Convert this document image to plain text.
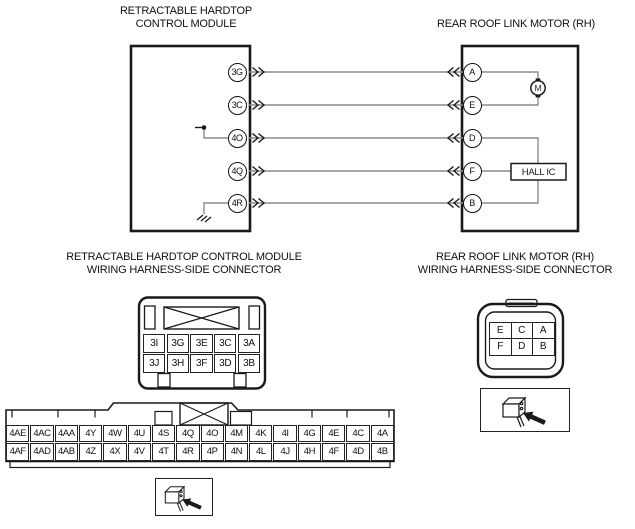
M
HALL IC
RETRACTABLE HARDTOP
CONTROL MODULE	REAR ROOF LINK MOTOR (RH)
RETRACTABLE HARDTOP CONTROL MODULE
WIRING HARNESS-SIDE CONNECTOR
REAR ROOF LINK MOTOR (RH)
WIRING HARNESS-SIDE CONNECTOR
3G
3C
4O
4Q
4R
A
E
D
F
B
3I	3G	3E	3C	3A
3J	3H	3F	3D	3B
E	C	A
F	D	B
4AE 4AC 4AA	4Y	4W	4U	4S	4Q	4O	4M	4K	4I	4G	4E	4C	4A
4AF 4AD 4AB	4Z	4X	4V	4T	4R	4P	4N	4L	4J	4H	4F	4D	4B
